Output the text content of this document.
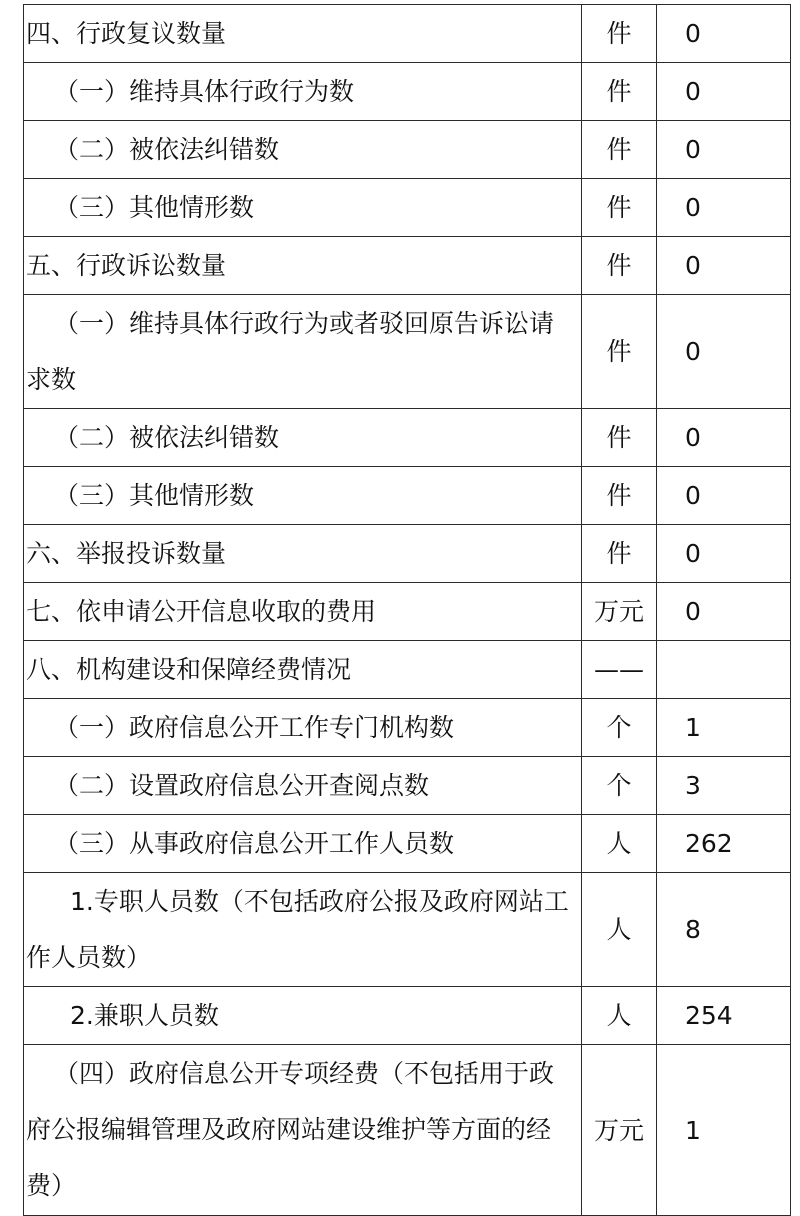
四、行政复议数量	件	0
（一）维持具体行政行为数	件	0
（二）被依法纠错数	件	0
（三）其他情形数	件	0
五、行政诉讼数量	件	0
（一）维持具体行政行为或者驳回原告诉讼请求数	件	0
（二）被依法纠错数	件	0
（三）其他情形数	件	0
六、举报投诉数量	件	0
七、依申请公开信息收取的费用	万元	0
八、机构建设和保障经费情况	——	
（一）政府信息公开工作专门机构数	个	1
（二）设置政府信息公开查阅点数	个	3
（三）从事政府信息公开工作人员数	人	262
1.专职人员数（不包括政府公报及政府网站工作人员数）	人	8
2.兼职人员数	人	254
（四）政府信息公开专项经费（不包括用于政府公报编辑管理及政府网站建设维护等方面的经费）	万元	1
